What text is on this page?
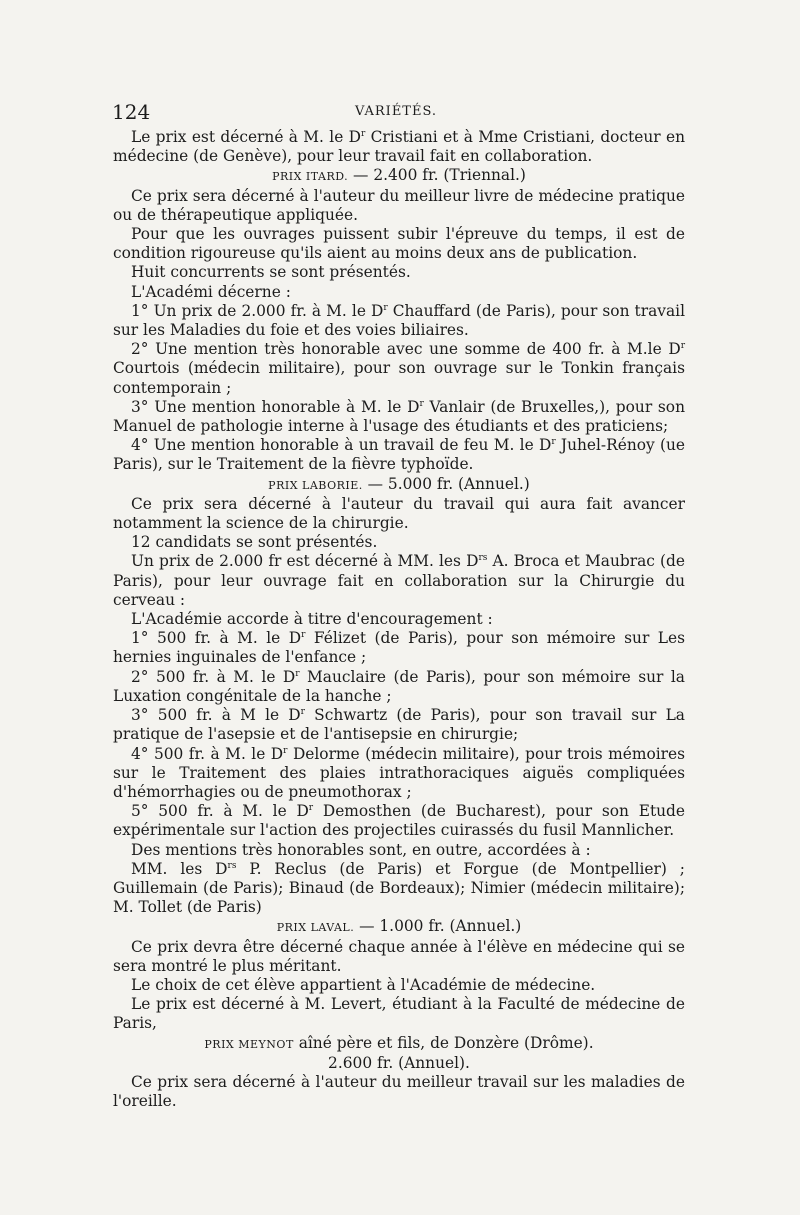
124	VARIÉTÉS.

Le prix est décerné à M. le $D^r$ Cristiani et à Mme Cristiani, docteur en médecine (de Genève), pour leur travail fait en collaboration.

PRIX ITARD. — 2.400 fr. (Triennal.)

Ce prix sera décerné à l'auteur du meilleur livre de médecine pratique ou de thérapeutique appliquée.

Pour que les ouvrages puissent subir l'épreuve du temps, il est de condition rigoureuse qu'ils aient au moins deux ans de publication.

Huit concurrents se sont présentés.

L'Académi décerne :

1° Un prix de 2.000 fr. à M. le $D^r$ Chauffard (de Paris), pour son travail sur les Maladies du foie et des voies biliaires.

2° Une mention très honorable avec une somme de 400 fr. à M.le $D^r$ Courtois (médecin militaire), pour son ouvrage sur le Tonkin français contemporain ;

3° Une mention honorable à M. le $D^r$ Vanlair (de Bruxelles,), pour son Manuel de pathologie interne à l'usage des étudiants et des praticiens;

4° Une mention honorable à un travail de feu M. le $D^r$ Juhel-Rénoy (ue Paris), sur le Traitement de la fièvre typhoïde.

PRIX LABORIE. — 5.000 fr. (Annuel.)

Ce prix sera décerné à l'auteur du travail qui aura fait avancer notamment la science de la chirurgie.

12 candidats se sont présentés.

Un prix de 2.000 fr est décerné à MM. les $D^{rs}$ A. Broca et Maubrac (de Paris), pour leur ouvrage fait en collaboration sur la Chirurgie du cerveau :

L'Académie accorde à titre d'encouragement :

1° 500 fr. à M. le $D^r$ Félizet (de Paris), pour son mémoire sur Les hernies inguinales de l'enfance ;

2° 500 fr. à M. le $D^r$ Mauclaire (de Paris), pour son mémoire sur la Luxation congénitale de la hanche ;

3° 500 fr. à M le $D^r$ Schwartz (de Paris), pour son travail sur La pratique de l'asepsie et de l'antisepsie en chirurgie;

4° 500 fr. à M. le $D^r$ Delorme (médecin militaire), pour trois mémoires sur le Traitement des plaies intrathoraciques aiguës compliquées d'hémorrhagies ou de pneumothorax ;

5° 500 fr. à M. le $D^r$ Demosthen (de Bucharest), pour son Etude expérimentale sur l'action des projectiles cuirassés du fusil Mannlicher.

Des mentions très honorables sont, en outre, accordées à :

MM. les $D^{rs}$ P. Reclus (de Paris) et Forgue (de Montpellier) ; Guillemain (de Paris); Binaud (de Bordeaux); Nimier (médecin militaire); M. Tollet (de Paris)

PRIX LAVAL. — 1.000 fr. (Annuel.)

Ce prix devra être décerné chaque année à l'élève en médecine qui se sera montré le plus méritant.

Le choix de cet élève appartient à l'Académie de médecine.

Le prix est décerné à M. Levert, étudiant à la Faculté de médecine de Paris,

PRIX MEYNOT aîné père et fils, de Donzère (Drôme).

2.600 fr. (Annuel).

Ce prix sera décerné à l'auteur du meilleur travail sur les maladies de l'oreille.
